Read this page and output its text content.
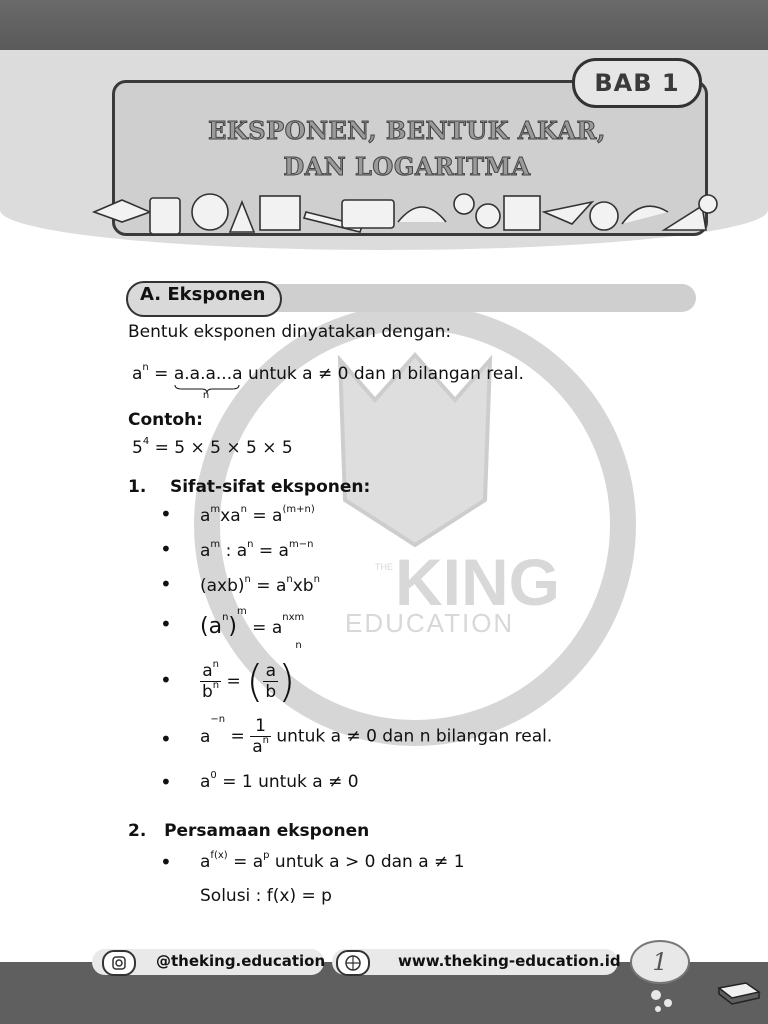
BAB 1
EKSPONEN, BENTUK AKAR,
DAN LOGARITMA
KING
EDUCATION
THE
A. Eksponen
Bentuk eksponen dinyatakan dengan:
$a^n = a.a.a...a$
n
untuk a ≠ 0 dan n bilangan real.
Contoh:
$5^4 = 5 \times 5 \times 5 \times 5$
1. Sifat-sifat eksponen:
• $a^mxa^n = a^{(m+n)}$
• $a^m$ : $a^n = a^{m-n}$
• $(axb)^n = a^nxb^n$
• $(a^n)^m = a^{nxm}$
• $\frac{a^n}{b^n}$ = ( $\frac{a}{b} )^n$
• $a^{-n} = \frac{1}{a^n}$ untuk a ≠ 0 dan n bilangan real.
• $a^0 = 1$ untuk a ≠ 0
2. Persamaan eksponen
• $a^{f(x)} = a^p$ untuk a > 0 dan a ≠ 1
Solusi : f(x) = p
@theking.education	www.theking-education.id	1
